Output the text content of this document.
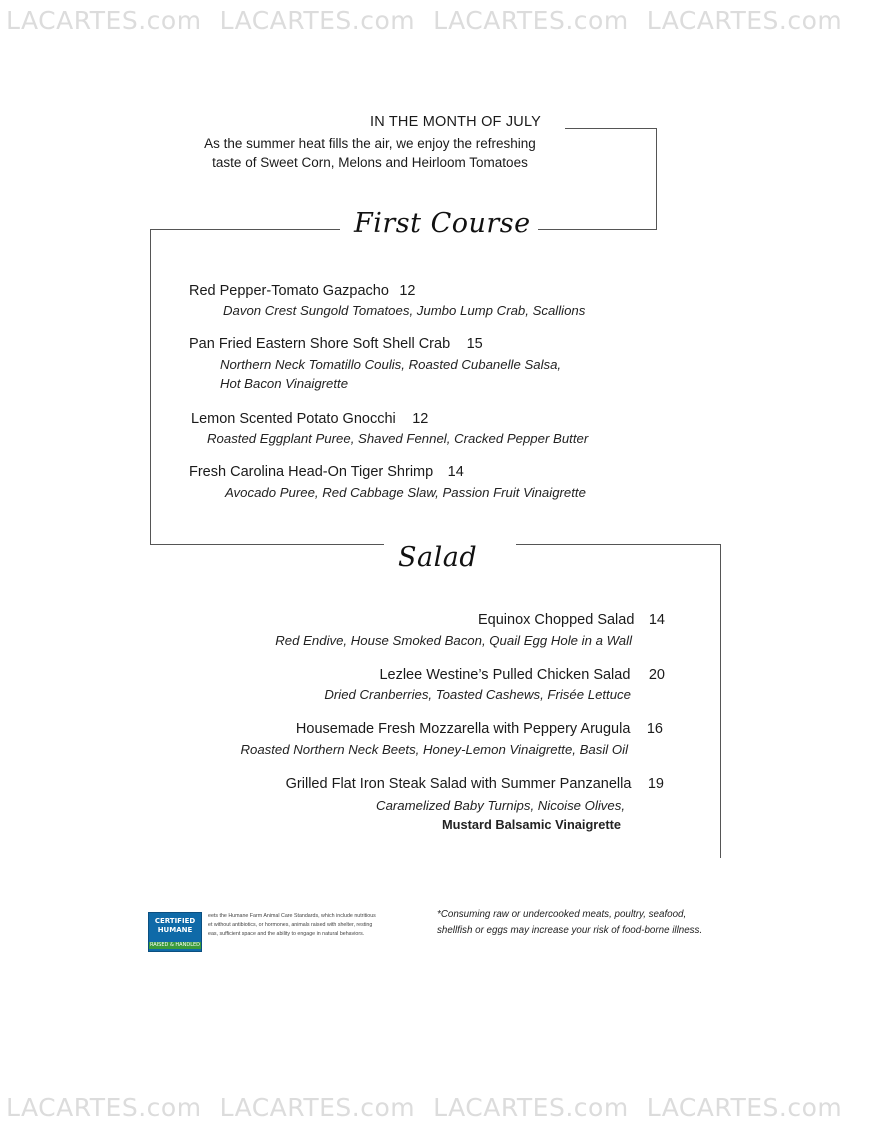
LACARTES.com LACARTES.com LACARTES.com LACARTES.com
LACARTES.com LACARTES.com LACARTES.com LACARTES.com
IN THE MONTH OF JULY
As the summer heat fills the air, we enjoy the refreshing
taste of Sweet Corn, Melons and Heirloom Tomatoes
First Course
Red Pepper-Tomato Gazpacho 12
Davon Crest Sungold Tomatoes, Jumbo Lump Crab, Scallions
Pan Fried Eastern Shore Soft Shell Crab 15
Northern Neck Tomatillo Coulis, Roasted Cubanelle Salsa,
Hot Bacon Vinaigrette
Lemon Scented Potato Gnocchi 12
Roasted Eggplant Puree, Shaved Fennel, Cracked Pepper Butter
Fresh Carolina Head-On Tiger Shrimp 14
Avocado Puree, Red Cabbage Slaw, Passion Fruit Vinaigrette
Salad
Equinox Chopped Salad 14
Red Endive, House Smoked Bacon, Quail Egg Hole in a Wall
Lezlee Westine’s Pulled Chicken Salad 20
Dried Cranberries, Toasted Cashews, Frisée Lettuce
Housemade Fresh Mozzarella with Peppery Arugula 16
Roasted Northern Neck Beets, Honey-Lemon Vinaigrette, Basil Oil
Grilled Flat Iron Steak Salad with Summer Panzanella 19
Caramelized Baby Turnips, Nicoise Olives,
Mustard Balsamic Vinaigrette
CERTIFIED
HUMANE
RAISED & HANDLED
eets the Humane Farm Animal Care Standards, which include nutritious
et without antibiotics, or hormones, animals raised with shelter, resting
eas, sufficient space and the ability to engage in natural behaviors.
*Consuming raw or undercooked meats, poultry, seafood,
shellfish or eggs may increase your risk of food-borne illness.
